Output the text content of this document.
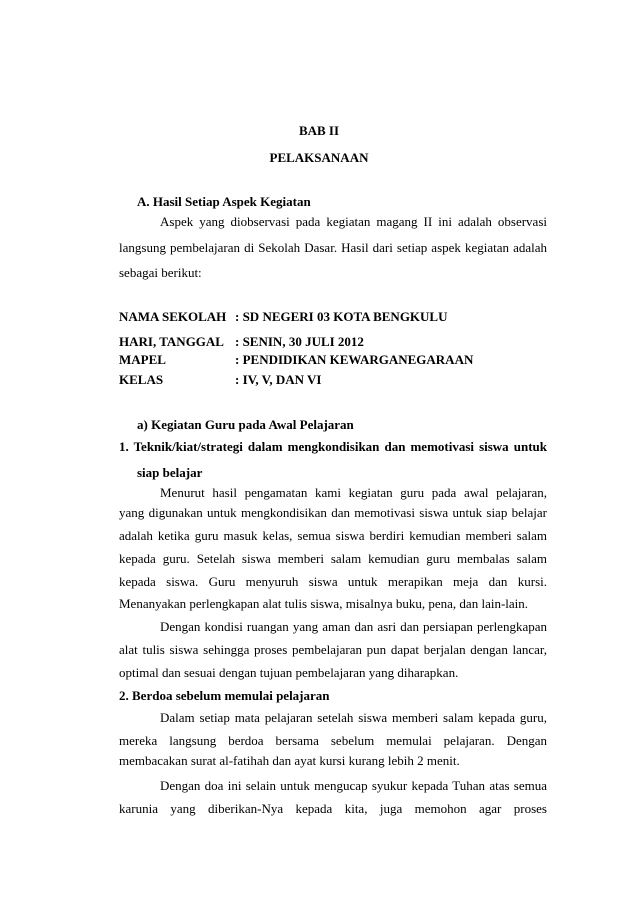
BAB II
PELAKSANAAN
A. Hasil Setiap Aspek Kegiatan
Aspek yang diobservasi pada kegiatan magang II ini adalah observasi
langsung pembelajaran di Sekolah Dasar. Hasil dari setiap aspek kegiatan adalah
sebagai berikut:
NAMA SEKOLAH : SD NEGERI 03 KOTA BENGKULU
HARI, TANGGAL : SENIN, 30 JULI 2012
MAPEL	: PENDIDIKAN KEWARGANEGARAAN
KELAS	: IV, V, DAN VI
a) Kegiatan Guru pada Awal Pelajaran
1. Teknik/kiat/strategi dalam mengkondisikan dan memotivasi siswa untuk
siap belajar
Menurut hasil pengamatan kami kegiatan guru pada awal pelajaran,
yang digunakan untuk mengkondisikan dan memotivasi siswa untuk siap belajar
adalah ketika guru masuk kelas, semua siswa berdiri kemudian memberi salam
kepada guru. Setelah siswa memberi salam kemudian guru membalas salam
kepada siswa. Guru menyuruh siswa untuk merapikan meja dan kursi.
Menanyakan perlengkapan alat tulis siswa, misalnya buku, pena, dan lain-lain.
Dengan kondisi ruangan yang aman dan asri dan persiapan perlengkapan
alat tulis siswa sehingga proses pembelajaran pun dapat berjalan dengan lancar,
optimal dan sesuai dengan tujuan pembelajaran yang diharapkan.
2. Berdoa sebelum memulai pelajaran
Dalam setiap mata pelajaran setelah siswa memberi salam kepada guru,
mereka langsung berdoa bersama sebelum memulai pelajaran. Dengan
membacakan surat al-fatihah dan ayat kursi kurang lebih 2 menit.
Dengan doa ini selain untuk mengucap syukur kepada Tuhan atas semua
karunia yang diberikan-Nya kepada kita, juga memohon agar proses
